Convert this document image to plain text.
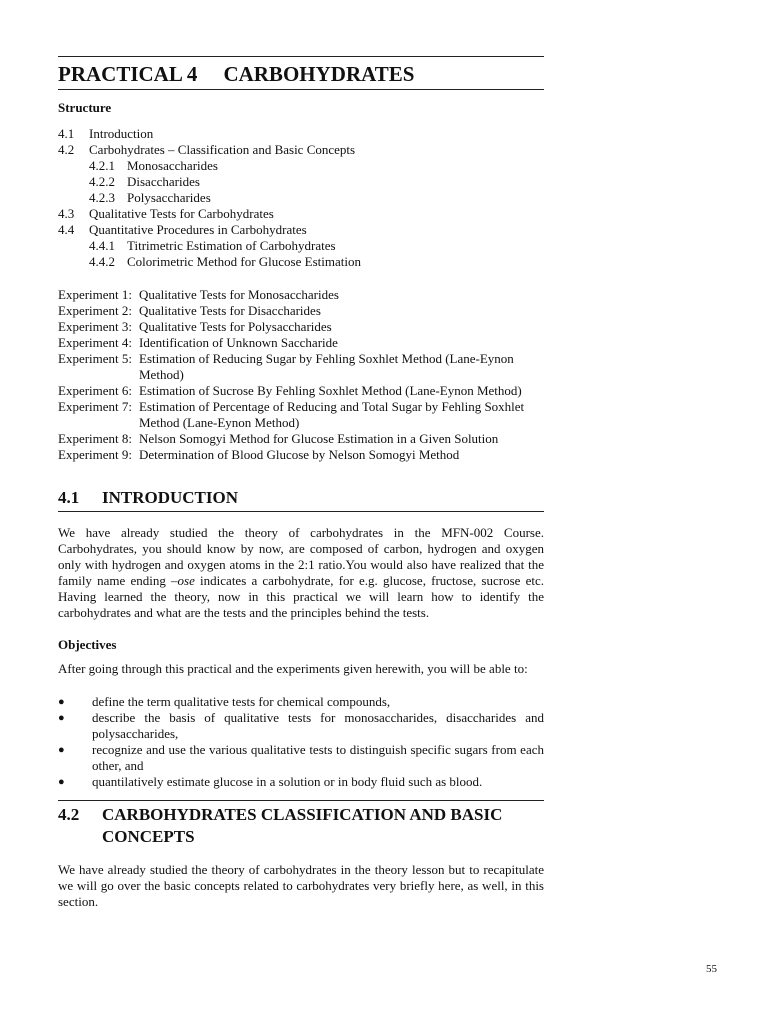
PRACTICAL 4 CARBOHYDRATES
Structure
4.1	Introduction
4.2	Carbohydrates – Classification and Basic Concepts
4.2.1 Monosaccharides
4.2.2 Disaccharides
4.2.3 Polysaccharides
4.3	Qualitative Tests for Carbohydrates
4.4	Quantitative Procedures in Carbohydrates
4.4.1 Titrimetric Estimation of Carbohydrates
4.4.2 Colorimetric Method for Glucose Estimation
Experiment 1: Qualitative Tests for Monosaccharides
Experiment 2: Qualitative Tests for Disaccharides
Experiment 3: Qualitative Tests for Polysaccharides
Experiment 4: Identification of Unknown Saccharide
Experiment 5: Estimation of Reducing Sugar by Fehling Soxhlet Method (Lane-Eynon Method)
Experiment 6: Estimation of Sucrose By Fehling Soxhlet Method (Lane-Eynon Method)
Experiment 7: Estimation of Percentage of Reducing and Total Sugar by Fehling Soxhlet Method (Lane-Eynon Method)
Experiment 8: Nelson Somogyi Method for Glucose Estimation in a Given Solution
Experiment 9: Determination of Blood Glucose by Nelson Somogyi Method
4.1	INTRODUCTION
We have already studied the theory of carbohydrates in the MFN-002 Course. Carbohydrates, you should know by now, are composed of carbon, hydrogen and oxygen only with hydrogen and oxygen atoms in the 2:1 ratio.You would also have realized that the family name ending –ose indicates a carbohydrate, for e.g. glucose, fructose, sucrose etc. Having learned the theory, now in this practical we will learn how to identify the carbohydrates and what are the tests and the principles behind the tests.
Objectives
After going through this practical and the experiments given herewith, you will be able to:
●	define the term qualitative tests for chemical compounds,
●	describe the basis of qualitative tests for monosaccharides, disaccharides and polysaccharides,
●	recognize and use the various qualitative tests to distinguish specific sugars from each other, and
●	quantilatively estimate glucose in a solution or in body fluid such as blood.
4.2	CARBOHYDRATES CLASSIFICATION AND BASIC CONCEPTS
We have already studied the theory of carbohydrates in the theory lesson but to recapitulate we will go over the basic concepts related to carbohydrates very briefly here, as well, in this section.
55
